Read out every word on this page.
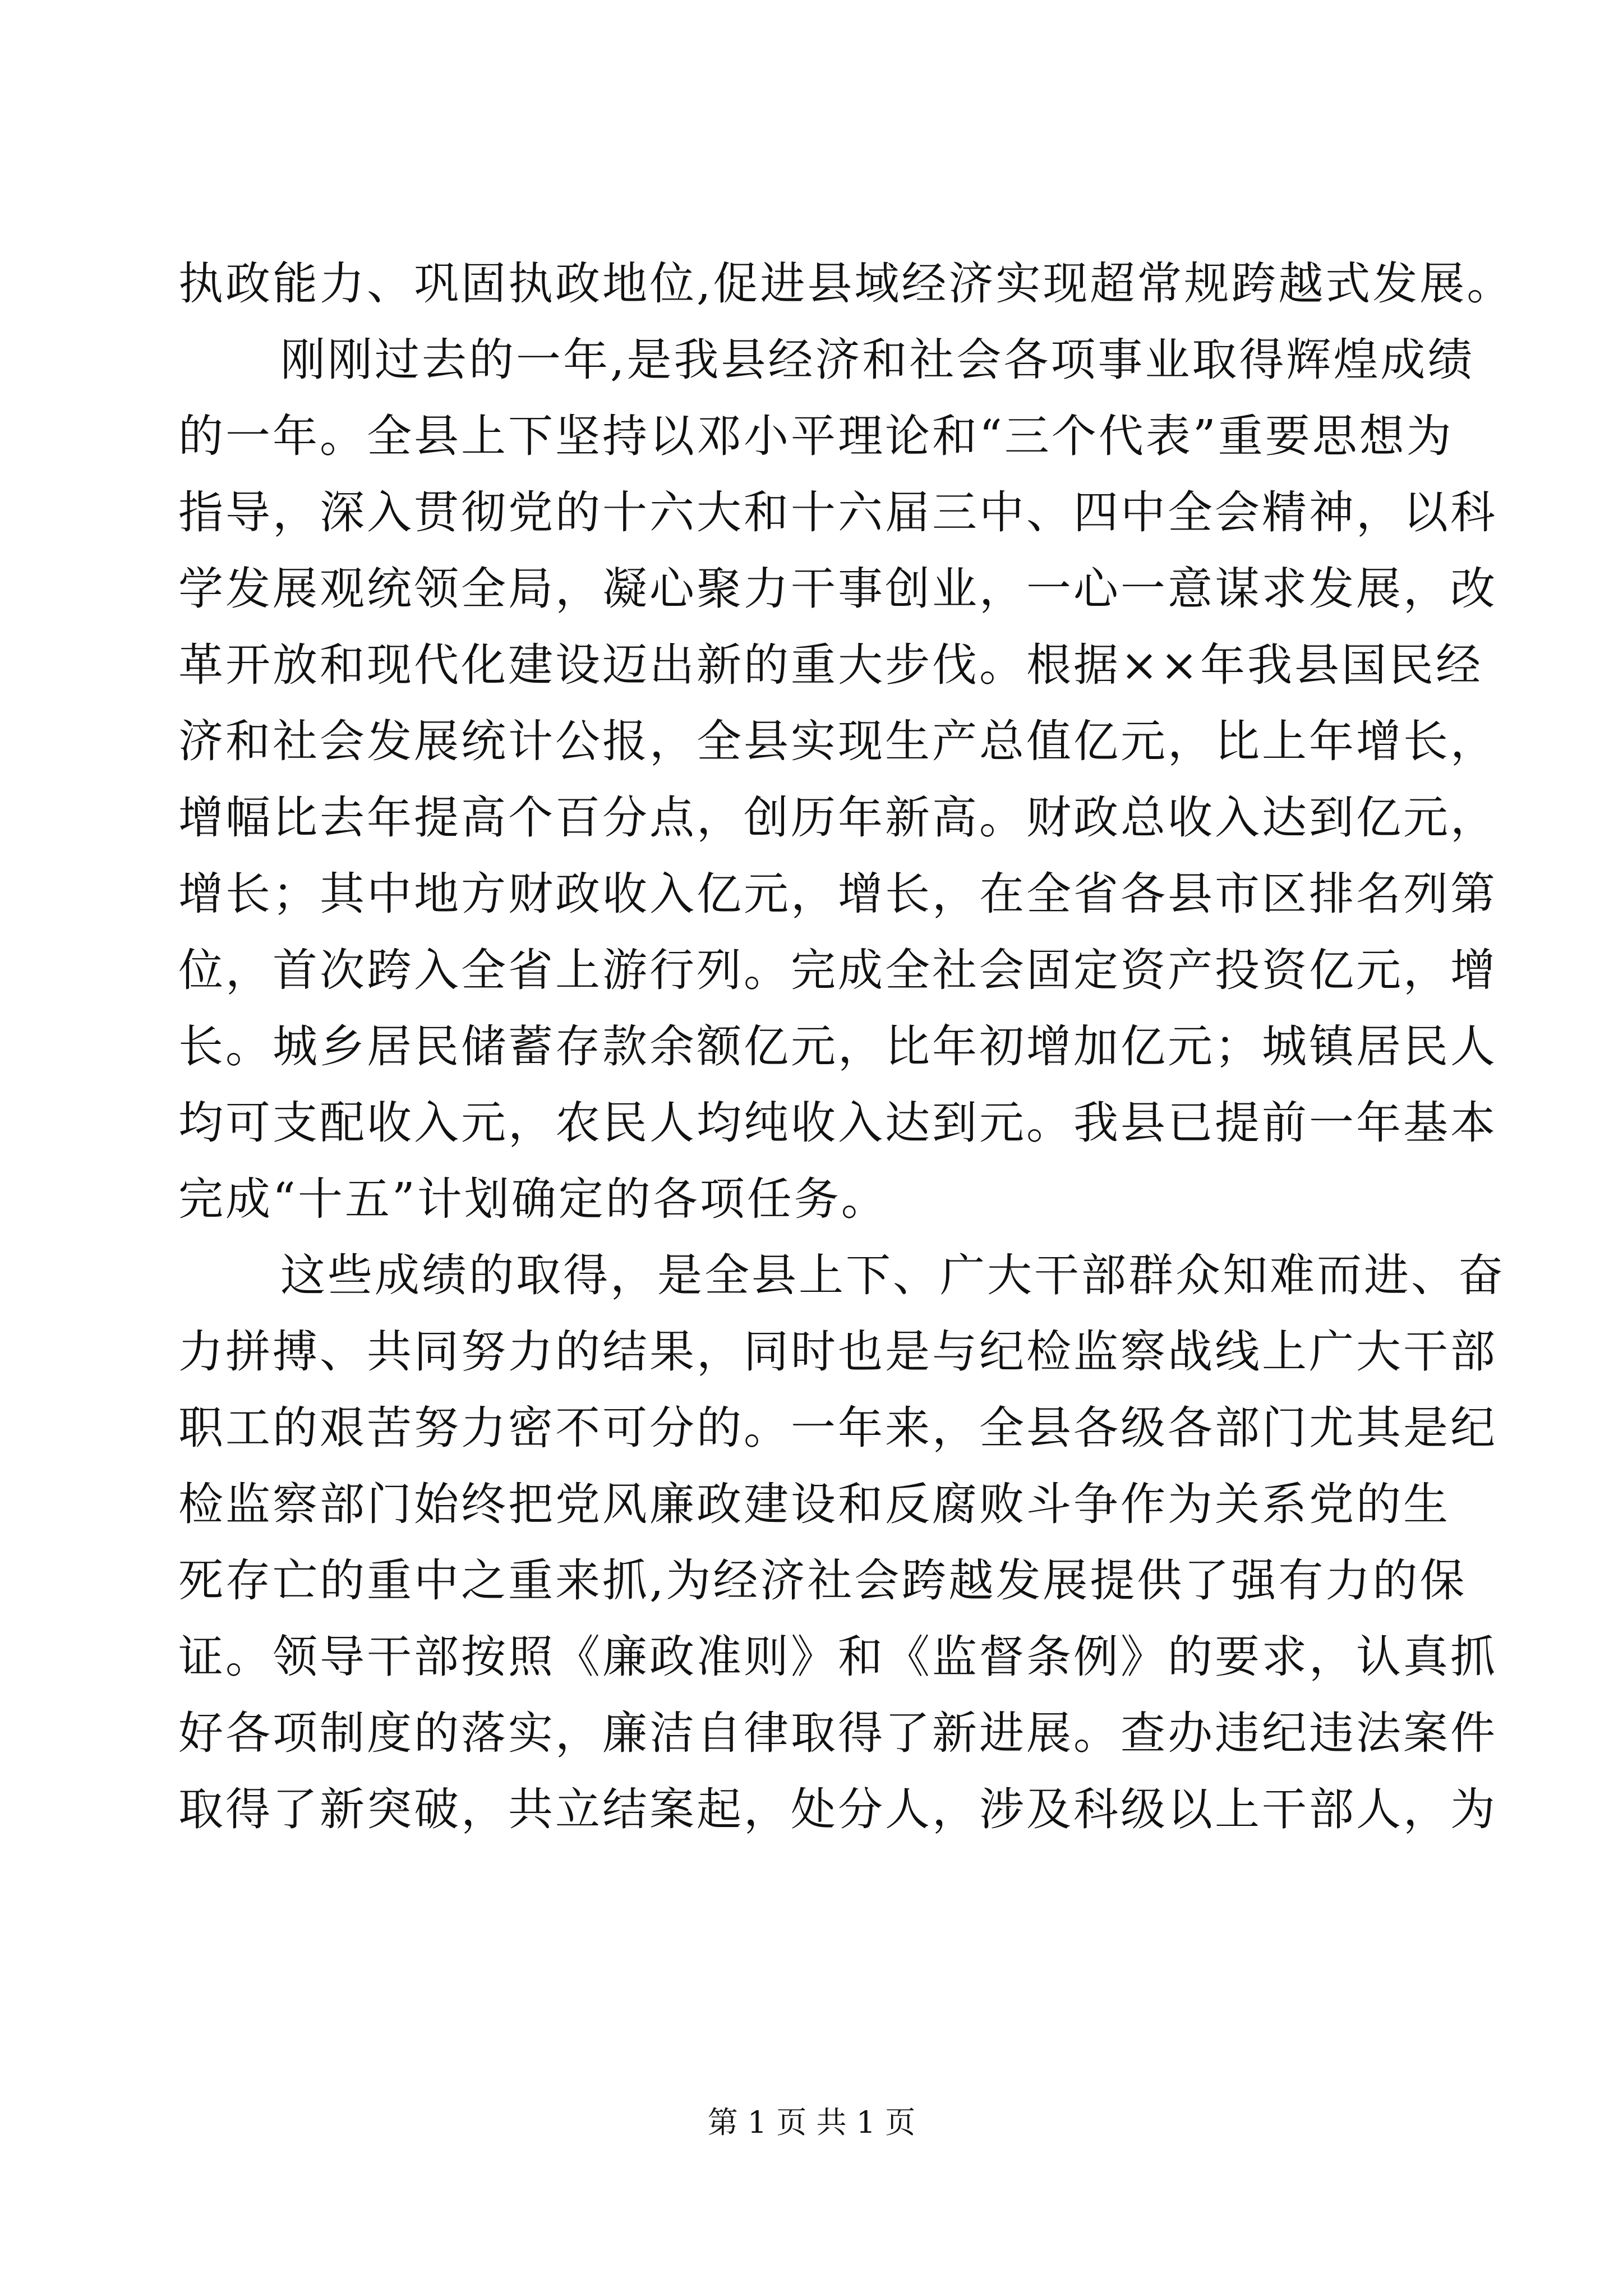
执政能力、巩固执政地位,促进县域经济实现超常规跨越式发展。
刚刚过去的一年,是我县经济和社会各项事业取得辉煌成绩
的一年。全县上下坚持以邓小平理论和“三个代表”重要思想为
指导，深入贯彻党的十六大和十六届三中、四中全会精神，以科
学发展观统领全局，凝心聚力干事创业，一心一意谋求发展，改
革开放和现代化建设迈出新的重大步伐。根据××年我县国民经
济和社会发展统计公报，全县实现生产总值亿元，比上年增长，
增幅比去年提高个百分点，创历年新高。财政总收入达到亿元，
增长；其中地方财政收入亿元，增长，在全省各县市区排名列第
位，首次跨入全省上游行列。完成全社会固定资产投资亿元，增
长。城乡居民储蓄存款余额亿元，比年初增加亿元；城镇居民人
均可支配收入元，农民人均纯收入达到元。我县已提前一年基本
完成“十五”计划确定的各项任务。
这些成绩的取得，是全县上下、广大干部群众知难而进、奋
力拼搏、共同努力的结果，同时也是与纪检监察战线上广大干部
职工的艰苦努力密不可分的。一年来，全县各级各部门尤其是纪
检监察部门始终把党风廉政建设和反腐败斗争作为关系党的生
死存亡的重中之重来抓,为经济社会跨越发展提供了强有力的保
证。领导干部按照《廉政准则》和《监督条例》的要求，认真抓
好各项制度的落实，廉洁自律取得了新进展。查办违纪违法案件
取得了新突破，共立结案起，处分人，涉及科级以上干部人，为
第 1 页 共 1 页
